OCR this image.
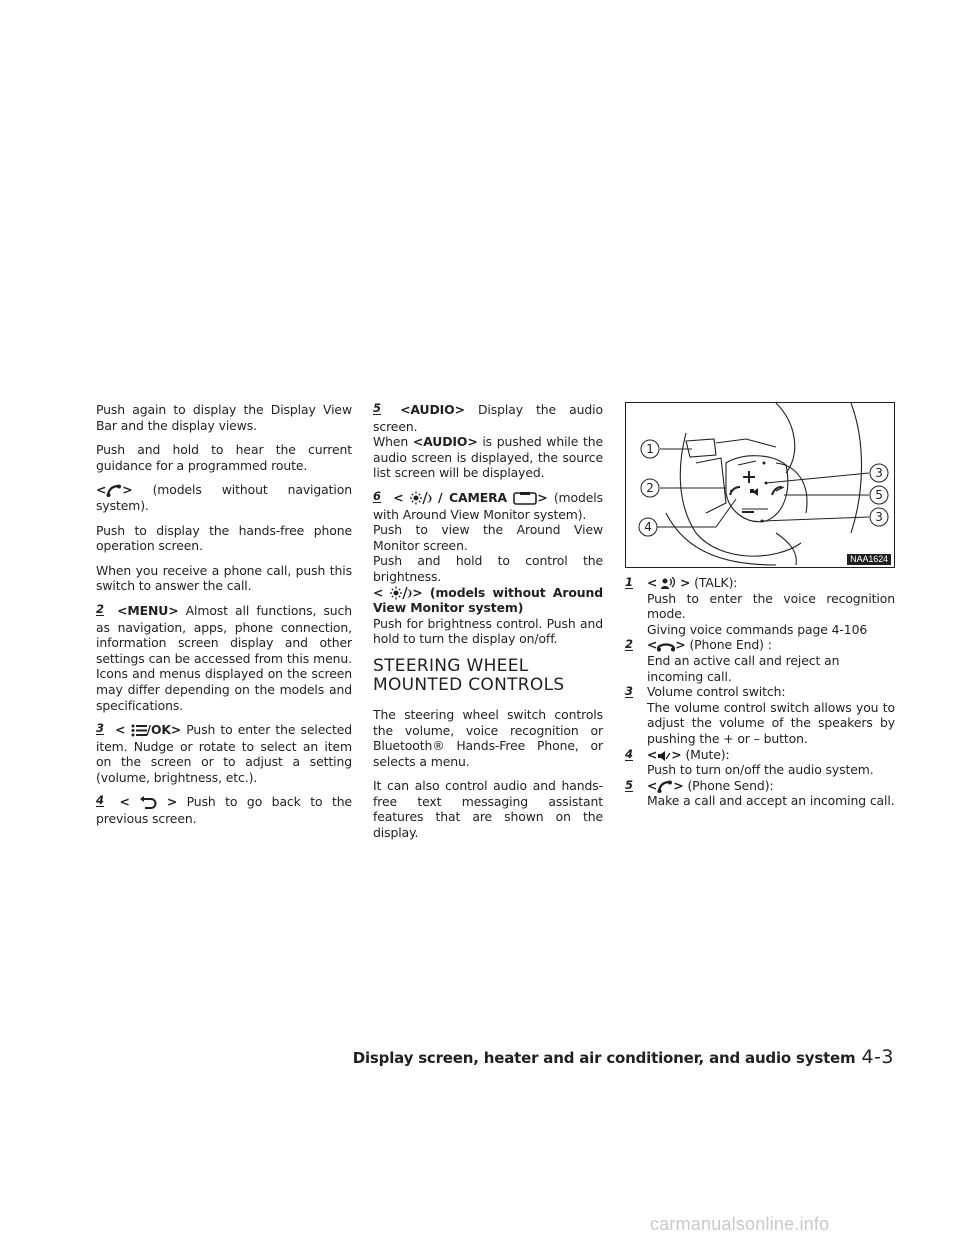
Push again to display the Display View Bar and the display views.

Push and hold to hear the current guidance for a programmed route.

< > (models without navigation system).

Push to display the hands-free phone operation screen.

When you receive a phone call, push this switch to answer the call.

2 <MENU> Almost all functions, such as navigation, apps, phone connection, information screen display and other settings can be accessed from this menu. Icons and menus displayed on the screen may differ depending on the models and specifications.

3 < /OK> Push to enter the selected item. Nudge or rotate to select an item on the screen or to adjust a setting (volume, brightness, etc.).

4 <	> Push to go back to the previous screen.

5 <AUDIO> Display the audio screen.

When <AUDIO> is pushed while the audio screen is displayed, the source list screen will be displayed.

6 <	/ CAMERA > (models with Around View Monitor system).

Push to view the Around View Monitor screen.

Push and hold to control the brightness.

< > (models without Around View Monitor system)

Push for brightness control. Push and hold to turn the display on/off.

STEERING WHEEL MOUNTED CONTROLS

The steering wheel switch controls the volume, voice recognition or Bluetooth® Hands-Free Phone, or selects a menu.

It can also control audio and hands-free text messaging assistant features that are shown on the display.

1
2
4
3
5
3
NAA1624
1	< > (TALK):
Push to enter the voice recognition mode.
Giving voice commands page 4-106
2	< > (Phone End) :
End an active call and reject an incoming call.
3	Volume control switch:
The volume control switch allows you to adjust the volume of the speakers by pushing the + or – button.
4	< > (Mute):
Push to turn on/off the audio system.
5	< > (Phone Send):
Make a call and accept an incoming call.
Display screen, heater and air conditioner, and audio system 4-3
carmanualsonline.info
